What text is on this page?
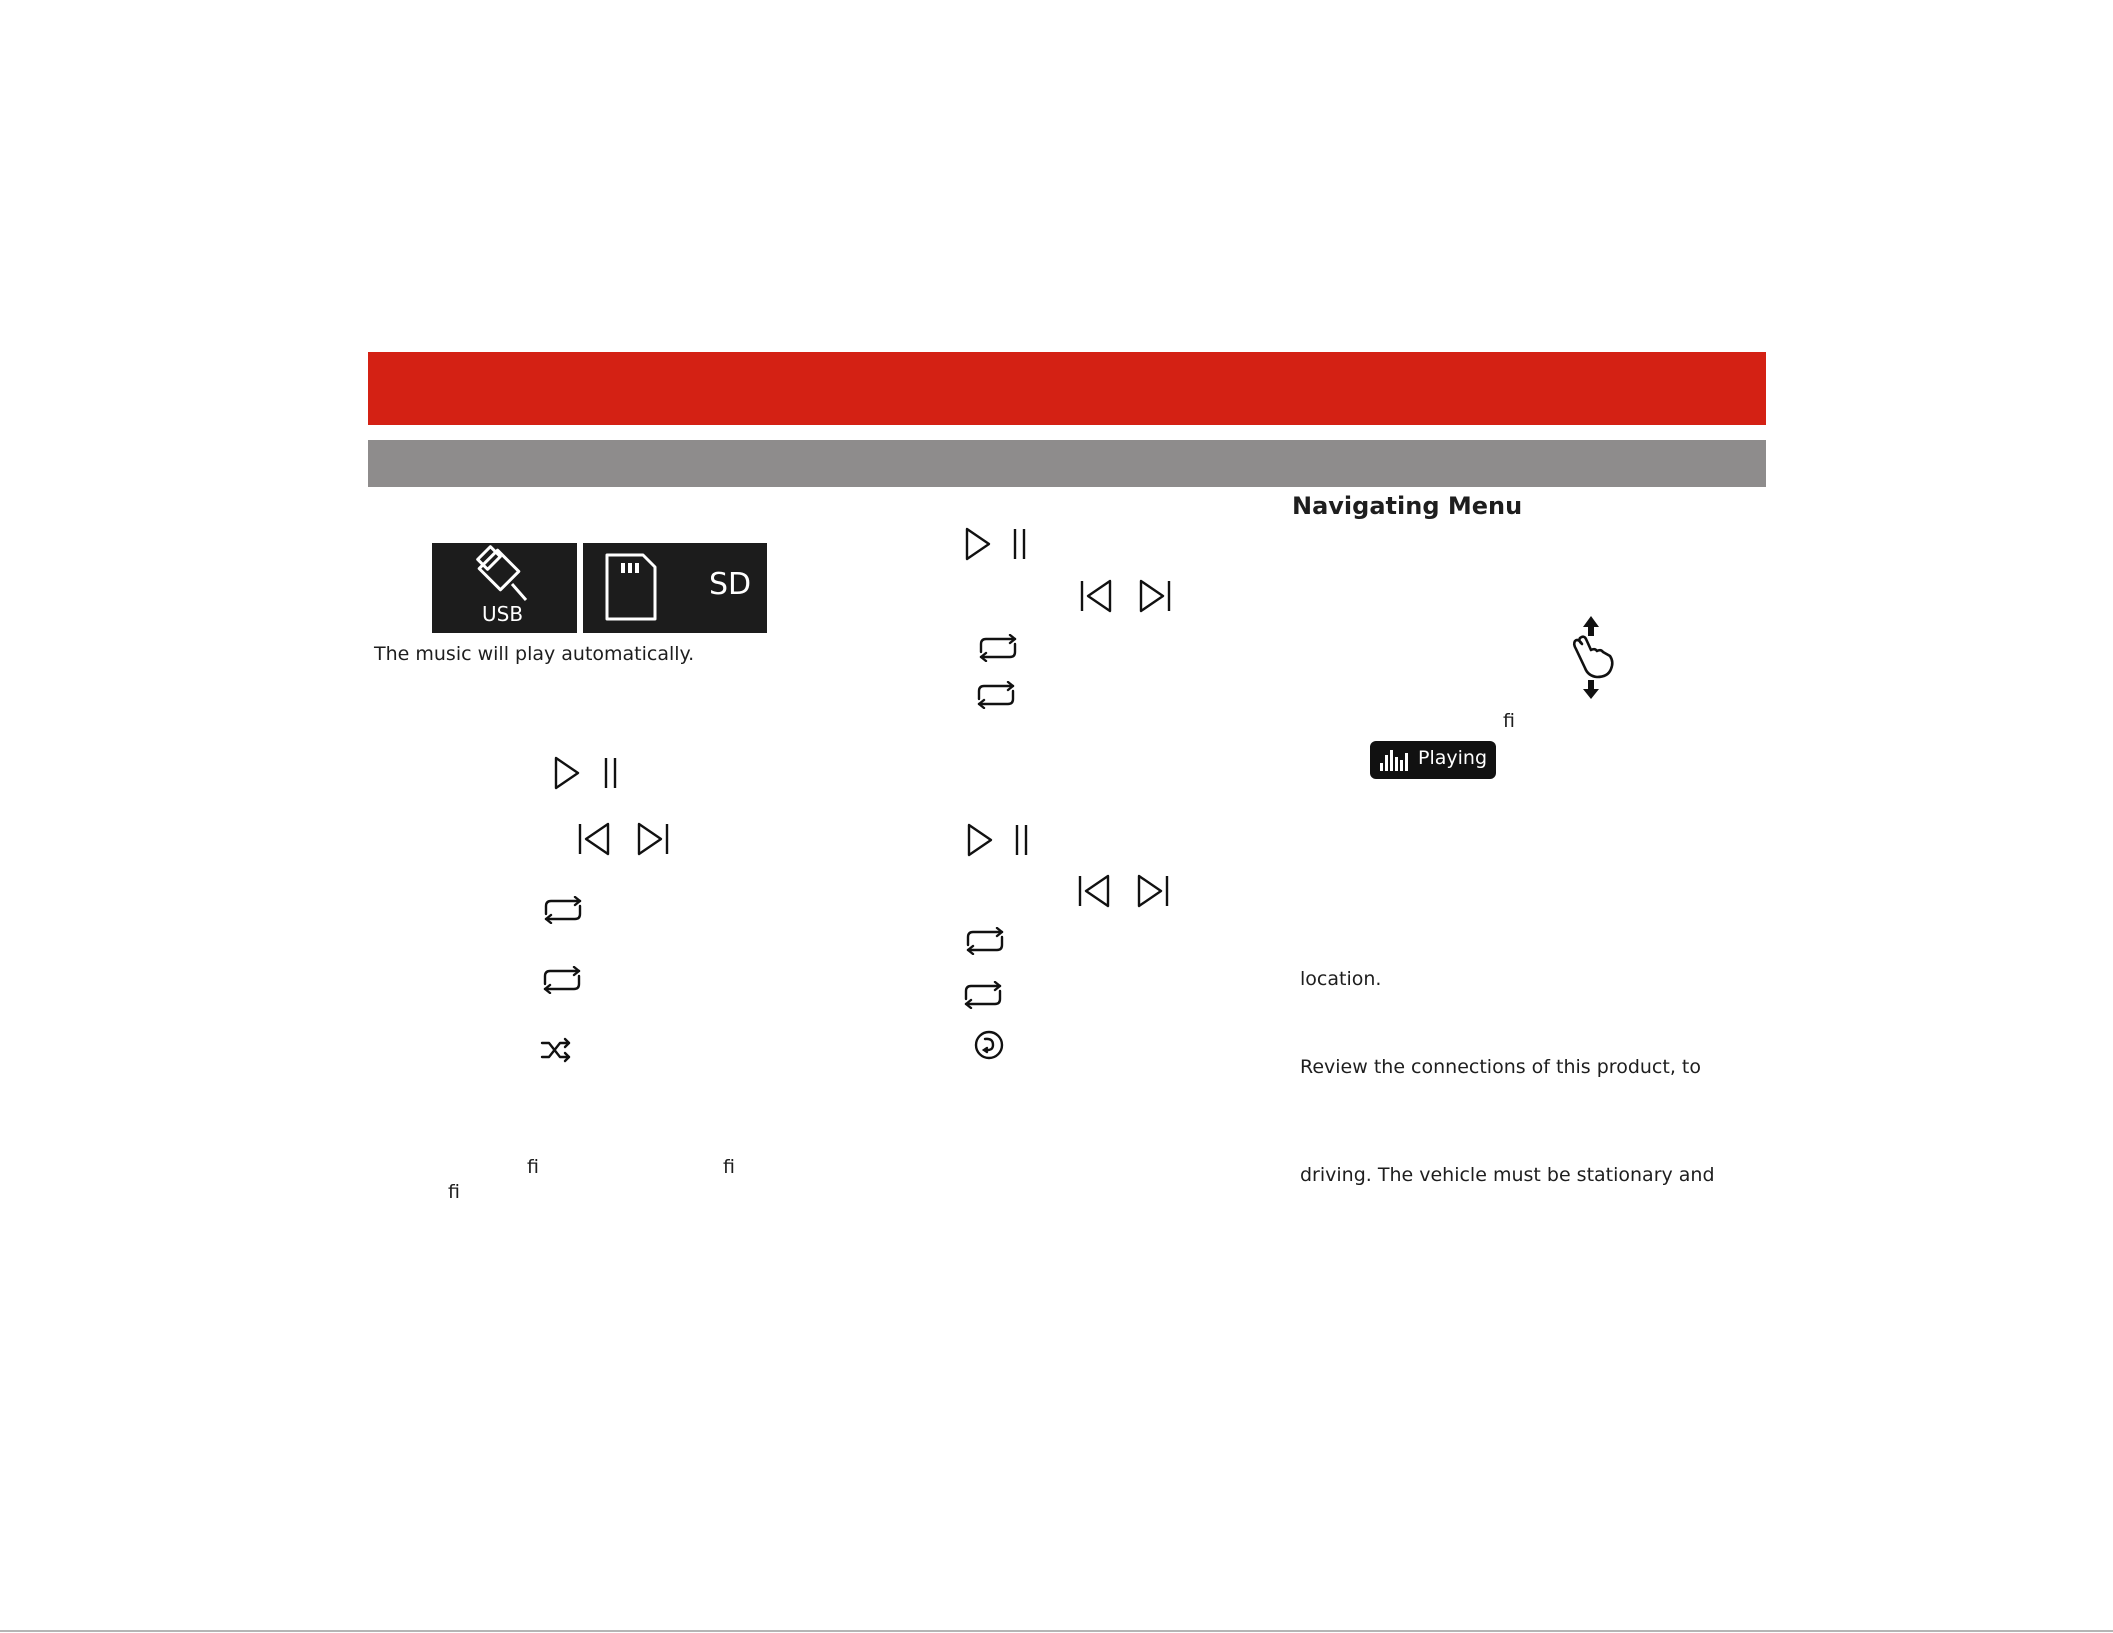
USB
SD
The music will play automatically.
ﬁ	ﬁ
ﬁ
Navigating Menu
ﬁ
Playing
location.
Review the connections of this product, to
driving. The vehicle must be stationary and
